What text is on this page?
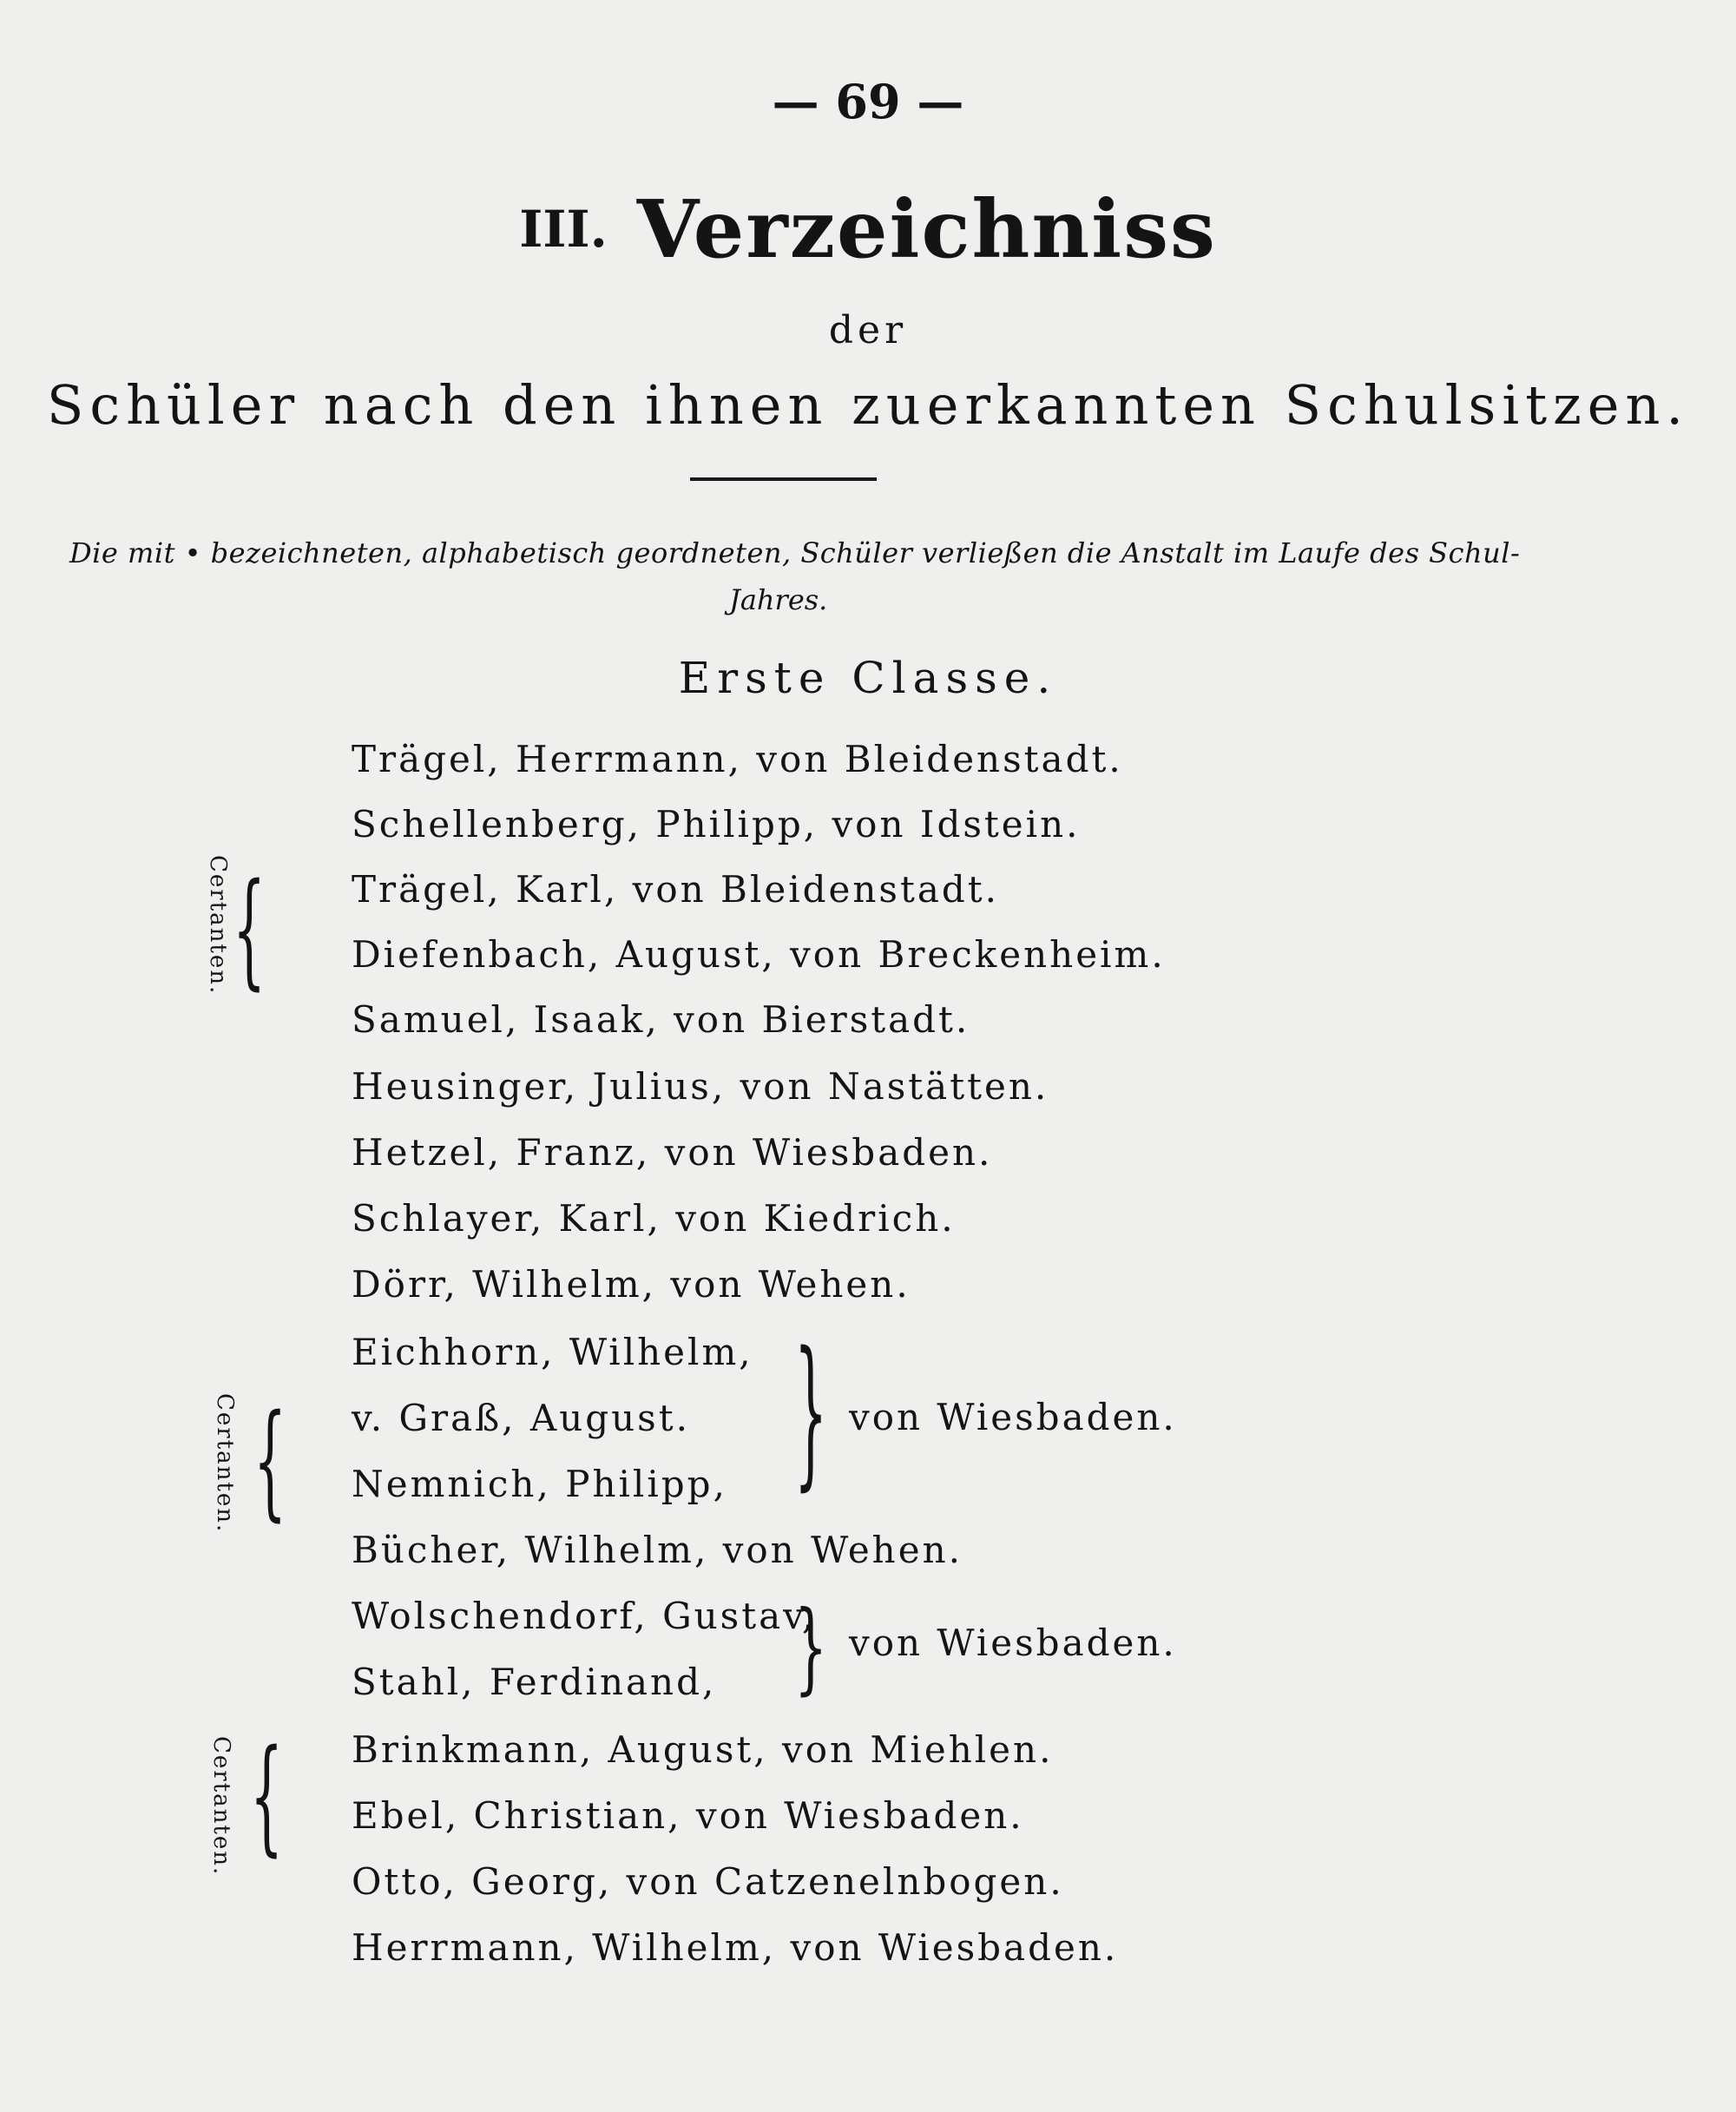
— 69 —
III. Verzeichniss
der
Schüler nach den ihnen zuerkannten Schulsitzen.
Die mit • bezeichneten, alphabetisch geordneten, Schüler verließen die Anstalt im Laufe des Schul-
Jahres.
Erste Classe.
Trägel, Herrmann, von Bleidenstadt.
Schellenberg, Philipp, von Idstein.
Trägel, Karl, von Bleidenstadt.
Diefenbach, August, von Breckenheim.
Samuel, Isaak, von Bierstadt.
Heusinger, Julius, von Nastätten.
Hetzel, Franz, von Wiesbaden.
Schlayer, Karl, von Kiedrich.
Dörr, Wilhelm, von Wehen.
Eichhorn, Wilhelm,
v. Graß, August.
Nemnich, Philipp,
Bücher, Wilhelm, von Wehen.
Wolschendorf, Gustav,
Stahl, Ferdinand,
Brinkmann, August, von Miehlen.
Ebel, Christian, von Wiesbaden.
Otto, Georg, von Catzenelnbogen.
Herrmann, Wilhelm, von Wiesbaden.
{
Certanten.
{
Certanten.
{
Certanten.
} von Wiesbaden.
} von Wiesbaden.
